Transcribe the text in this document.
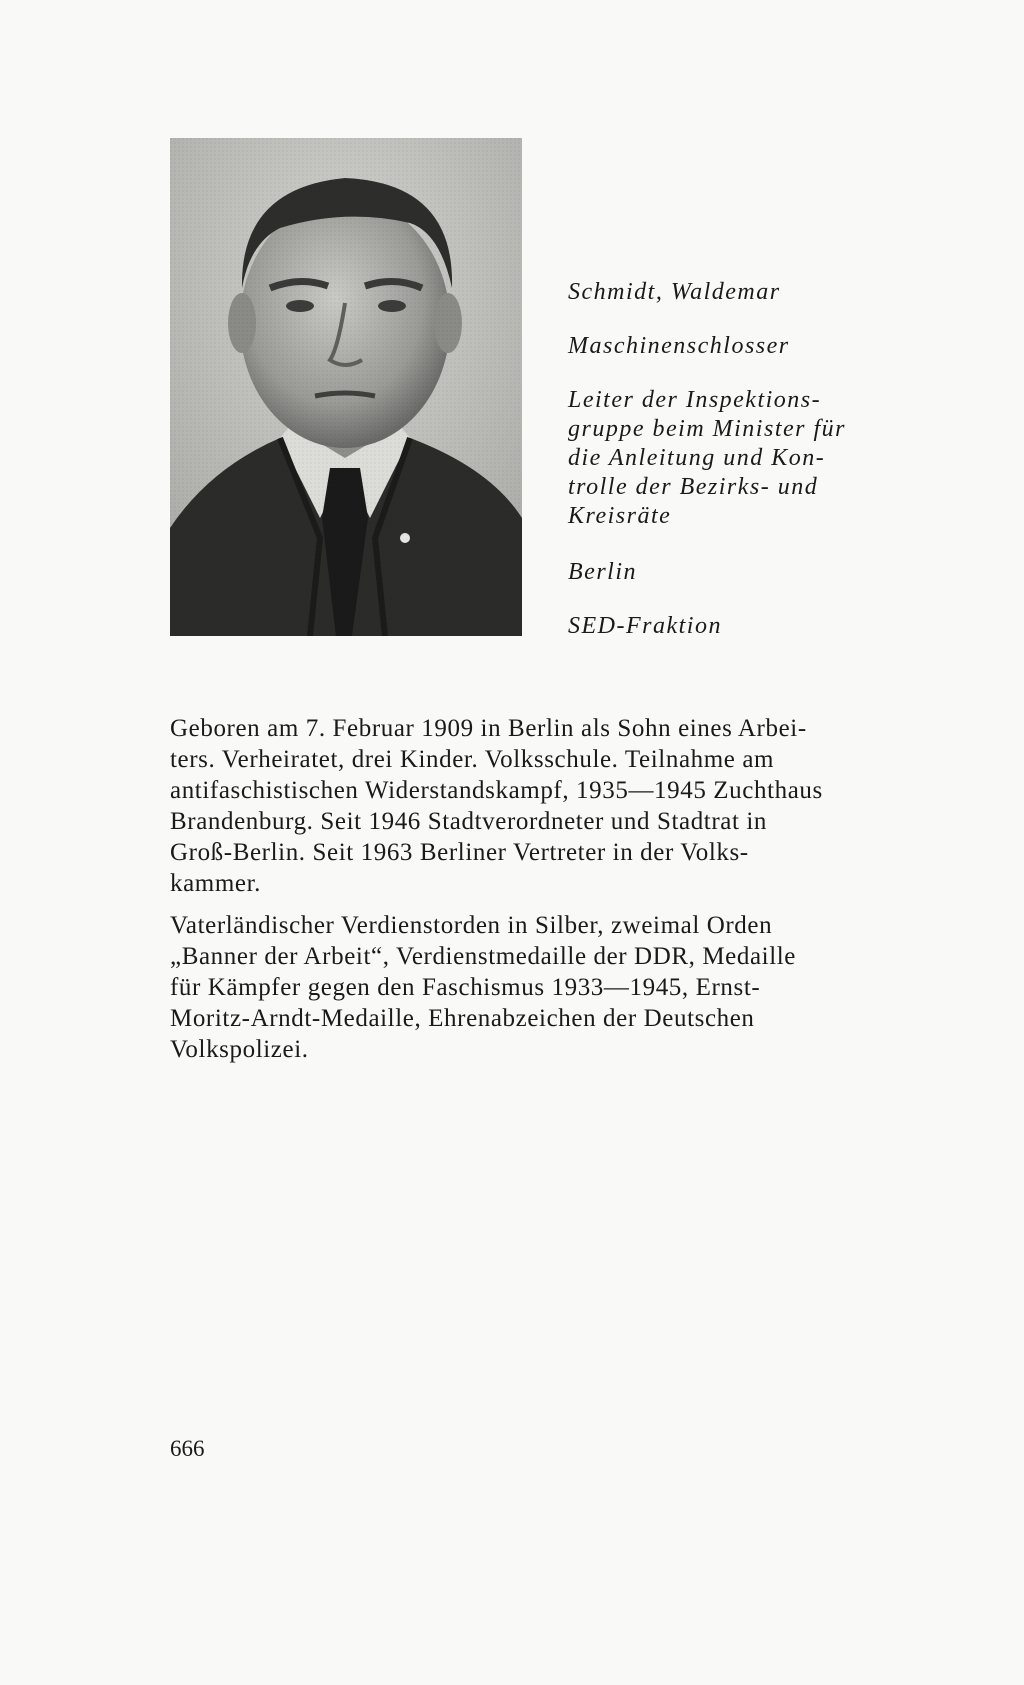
Schmidt, Waldemar
Maschinenschlosser
Leiter der Inspektions-
gruppe beim Minister für
die Anleitung und Kon-
trolle der Bezirks- und
Kreisräte
Berlin
SED-Fraktion

Geboren am 7. Februar 1909 in Berlin als Sohn eines Arbei-
ters. Verheiratet, drei Kinder. Volksschule. Teilnahme am
antifaschistischen Widerstandskampf, 1935—1945 Zuchthaus
Brandenburg. Seit 1946 Stadtverordneter und Stadtrat in
Groß-Berlin. Seit 1963 Berliner Vertreter in der Volks-
kammer.

Vaterländischer Verdienstorden in Silber, zweimal Orden
„Banner der Arbeit“, Verdienstmedaille der DDR, Medaille
für Kämpfer gegen den Faschismus 1933—1945, Ernst-
Moritz-Arndt-Medaille, Ehrenabzeichen der Deutschen
Volkspolizei.

666
